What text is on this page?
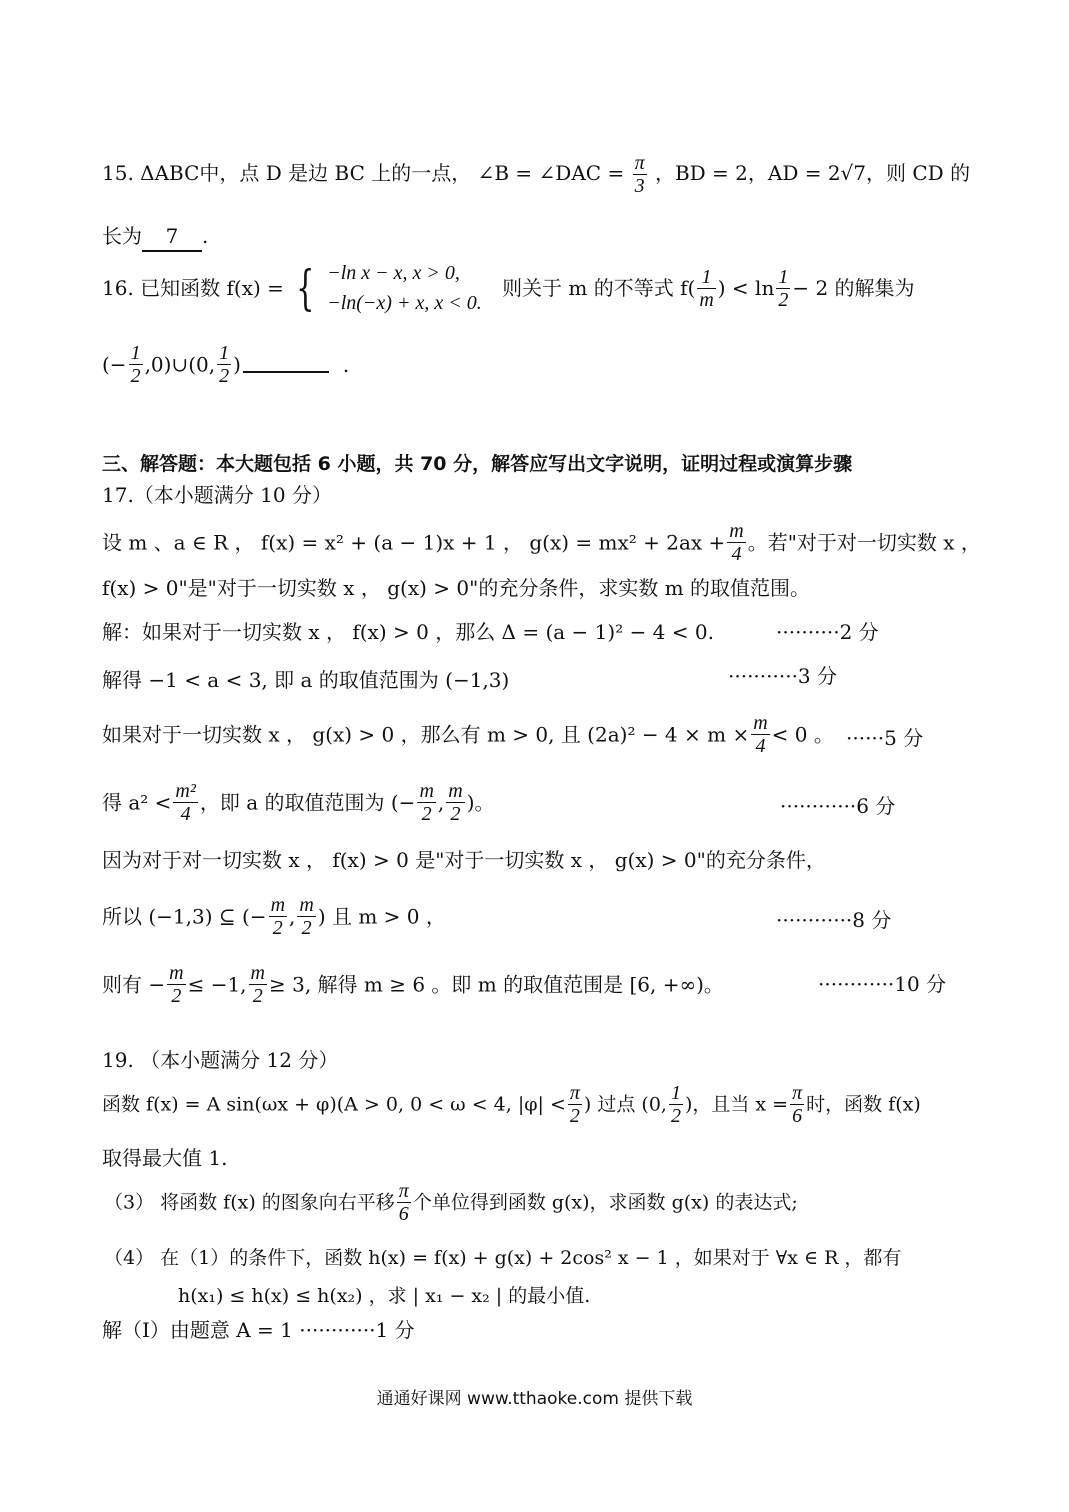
15. ΔABC中，点 D 是边 BC 上的一点， ∠B = ∠DAC = $\frac{\pi}{3}$ ，BD = 2，AD = 2√7，则 CD 的
长为 7 .
16. 已知函数 f(x) = { −ln x − x, x > 0,
−ln(−x) + x, x < 0.
则关于 m 的不等式 $f( \frac{1}{m}$ ) < $\ln \frac{1}{2} - 2$ 的解集为
(− $\frac{1}{2}$ ,0)∪(0, $\frac{1}{2}$ )	.
三、解答题：本大题包括 6 小题，共 70 分，解答应写出文字说明，证明过程或演算步骤
17.（本小题满分 10 分）
设 m 、a ∈ R ， f(x) = x² + (a − 1)x + 1 ， $g(x) = mx^2 + 2ax + \frac{m}{4}$ 。若"对于对一切实数 x ，
f(x) > 0"是"对于一切实数 x ， g(x) > 0"的充分条件，求实数 m 的取值范围。
解：如果对于一切实数 x ， f(x) > 0 ，那么 Δ = (a − 1)² − 4 < 0.	··········2 分
解得 −1 < a < 3, 即 a 的取值范围为 (−1,3)	···········3 分
如果对于一切实数 x ， g(x) > 0 ，那么有 m > 0, 且 $(2a)^2 - 4 \times m \times \frac{m}{4} < 0$ 。 ······5 分
得 $a^2 < \frac{\text{m²}}{4}$ ，即 a 的取值范围为 (− $\frac{m}{2}$ , $\frac{m}{2}$ )。	············6 分
因为对于对一切实数 x ， f(x) > 0 是"对于一切实数 x ， g(x) > 0"的充分条件，
所以 (−1,3) ⊆ (− $\frac{m}{2}$ , $\frac{m}{2}$ ) 且 m > 0 ，	············8 分
则有 − $\frac{m}{2} \le -1$, $\frac{m}{2} \ge 3$, 解得 m ≥ 6 。即 m 的取值范围是 [6, +∞)。	············10 分
19. （本小题满分 12 分）
函数 f(x) = A sin(ωx + φ)(A > 0, 0 < ω < 4, $|\varphi| < \frac{\pi}{2}$ ) 过点 (0, $\frac{1}{2}$ )，且当 $x = \frac{\pi}{6}$ 时，函数 f(x)
取得最大值 1.
（3） 将函数 f(x) 的图象向右平移 $\frac{\pi}{6}$ 个单位得到函数 g(x)，求函数 g(x) 的表达式;
（4） 在（1）的条件下，函数 h(x) = f(x) + g(x) + 2cos² x − 1 ，如果对于 ∀x ∈ R ，都有
h(x₁) ≤ h(x) ≤ h(x₂) ，求 | x₁ − x₂ | 的最小值.
解（I）由题意 A = 1 ············1 分
通通好课网 www.tthaoke.com 提供下载
